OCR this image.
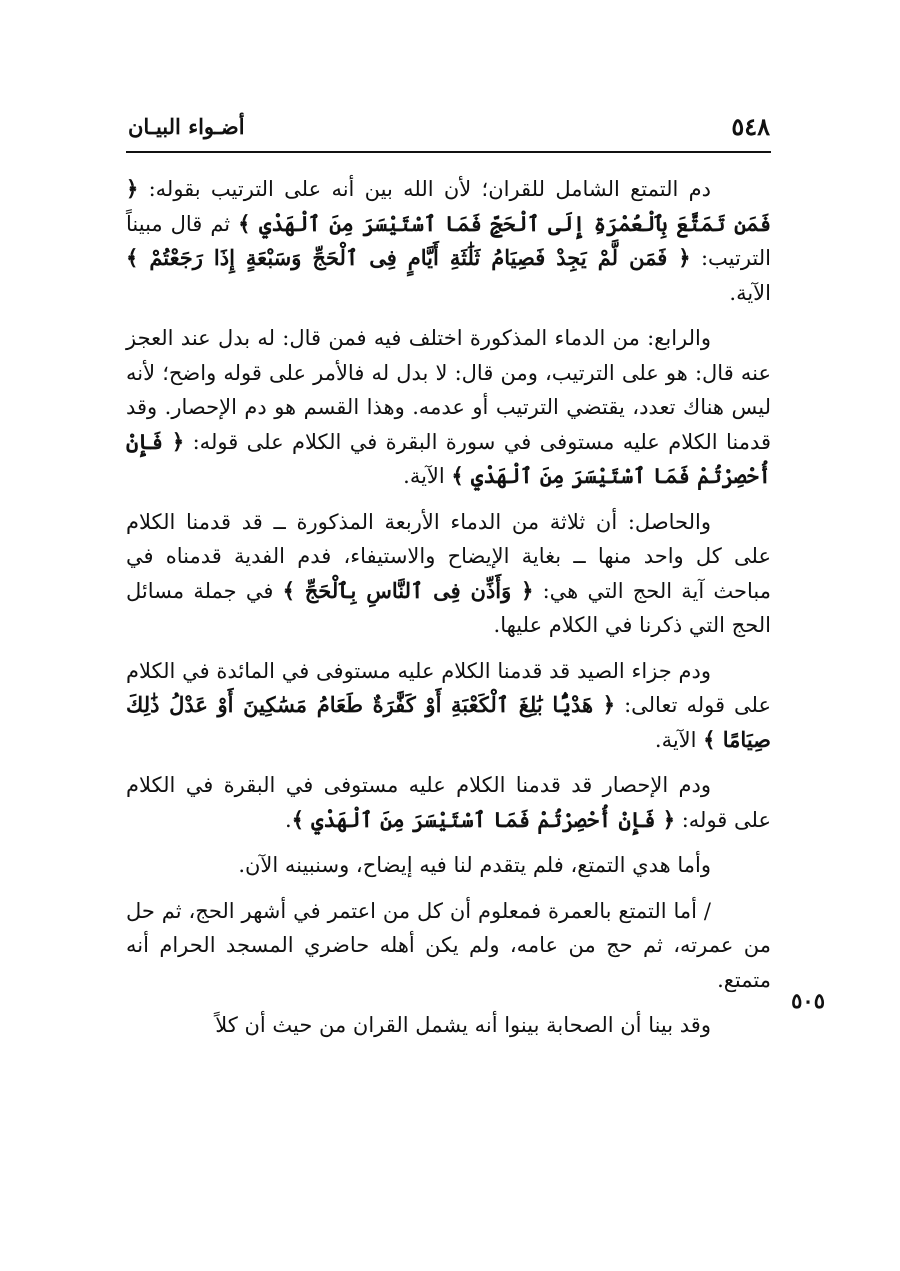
٥٤٨
أضـواء البيـان
٥٠٥

دم التمتع الشامل للقران؛ لأن الله بين أنه على الترتيب بقوله: ﴿ فَمَن تَمَتَّعَ بِٱلْعُمْرَةِ إِلَى ٱلْحَجِّ فَمَا ٱسْتَيْسَرَ مِنَ ٱلْهَدْيِ ﴾ ثم قال مبيناً الترتيب: ﴿ فَمَن لَّمْ يَجِدْ فَصِيَامُ ثَلَٰثَةِ أَيَّامٍ فِى ٱلْحَجِّ وَسَبْعَةٍ إِذَا رَجَعْتُمْ ﴾ الآية.

والرابع: من الدماء المذكورة اختلف فيه فمن قال: له بدل عند العجز عنه قال: هو على الترتيب، ومن قال: لا بدل له فالأمر على قوله واضح؛ لأنه ليس هناك تعدد، يقتضي الترتيب أو عدمه. وهذا القسم هو دم الإحصار. وقد قدمنا الكلام عليه مستوفى في سورة البقرة في الكلام على قوله: ﴿ فَإِنْ أُحْصِرْتُمْ فَمَا ٱسْتَيْسَرَ مِنَ ٱلْهَدْيِ ﴾ الآية.

والحاصل: أن ثلاثة من الدماء الأربعة المذكورة ــ قد قدمنا الكلام على كل واحد منها ــ بغاية الإيضاح والاستيفاء، فدم الفدية قدمناه في مباحث آية الحج التي هي: ﴿ وَأَذِّن فِى ٱلنَّاسِ بِٱلْحَجِّ ﴾ في جملة مسائل الحج التي ذكرنا في الكلام عليها.

ودم جزاء الصيد قد قدمنا الكلام عليه مستوفى في المائدة في الكلام على قوله تعالى: ﴿ هَدْيًۢا بَٰلِغَ ٱلْكَعْبَةِ أَوْ كَفَّٰرَةٌ طَعَامُ مَسَٰكِينَ أَوْ عَدْلُ ذَٰلِكَ صِيَامًا ﴾ الآية.

ودم الإحصار قد قدمنا الكلام عليه مستوفى في البقرة في الكلام على قوله: ﴿ فَإِنْ أُحْصِرْتُمْ فَمَا ٱسْتَيْسَرَ مِنَ ٱلْهَدْيِ ﴾.

وأما هدي التمتع، فلم يتقدم لنا فيه إيضاح، وسنبينه الآن.

/ أما التمتع بالعمرة فمعلوم أن كل من اعتمر في أشهر الحج، ثم حل من عمرته، ثم حج من عامه، ولم يكن أهله حاضري المسجد الحرام أنه متمتع.

وقد بينا أن الصحابة بينوا أنه يشمل القران من حيث أن كلاً
